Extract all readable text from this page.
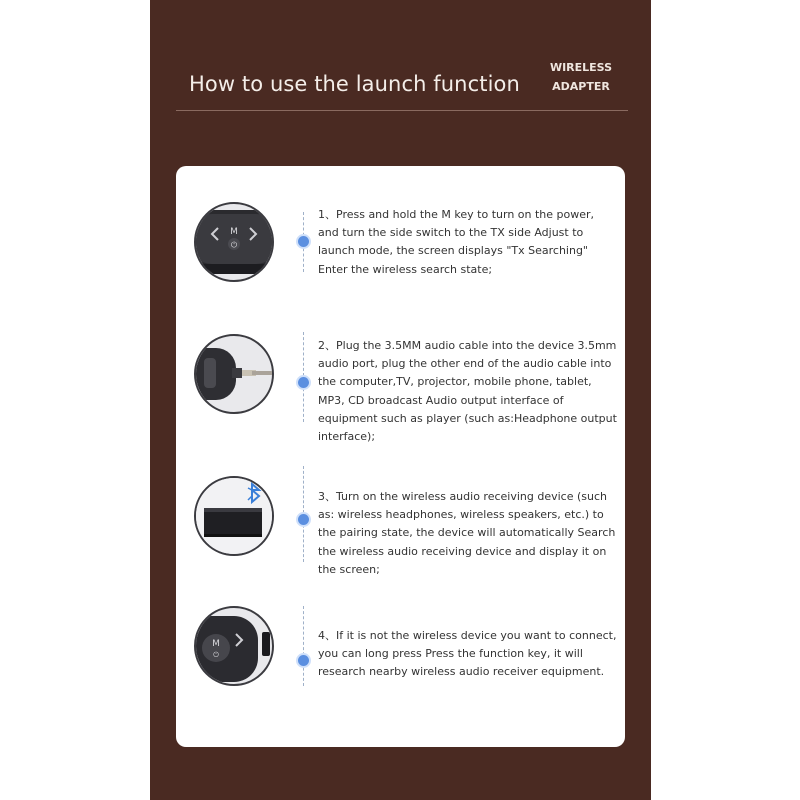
How to use the launch function
WIRELESS
ADAPTER
M
⏻
1、Press and hold the M key to turn on the power, and turn the side switch to the TX side Adjust to launch mode, the screen displays "Tx Searching" Enter the wireless search state;
2、Plug the 3.5MM audio cable into the device 3.5mm audio port, plug the other end of the audio cable into the computer,TV, projector, mobile phone, tablet, MP3, CD broadcast Audio output interface of equipment such as player (such as:Headphone output interface);
3、Turn on the wireless audio receiving device (such as: wireless headphones, wireless speakers, etc.) to the pairing state, the device will automatically Search the wireless audio receiving device and display it on the screen;
M
⏻
4、If it is not the wireless device you want to connect, you can long press Press the function key, it will research nearby wireless audio receiver equipment.
